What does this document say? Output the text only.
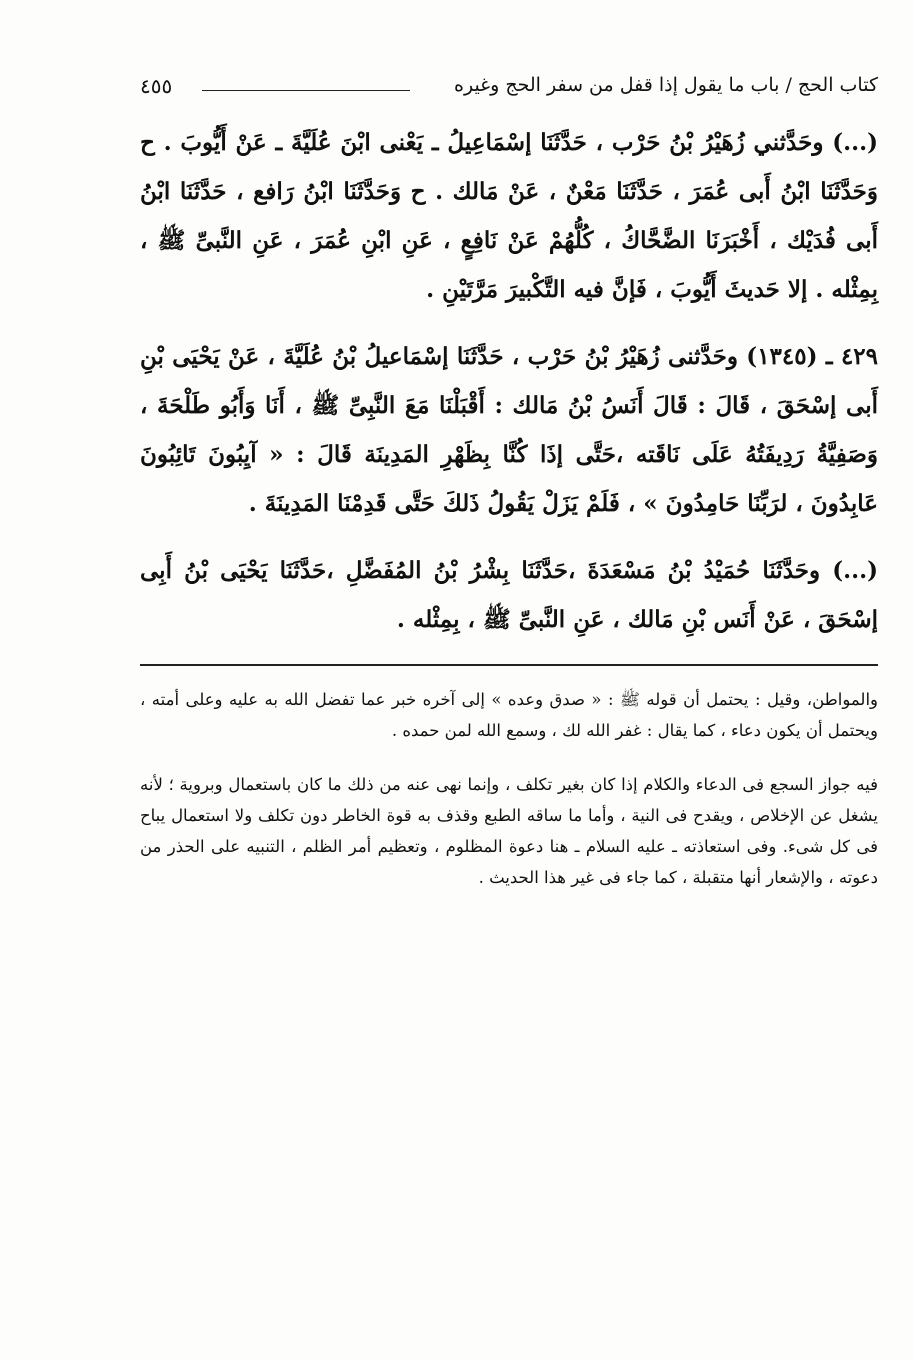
كتاب الحج / باب ما يقول إذا قفل من سفر الحج وغيره
٤٥٥

(...) وحَدَّثني زُهَيْرُ بْنُ حَرْب ، حَدَّثَنَا إسْمَاعِيلُ ـ يَعْنى ابْنَ عُلَيَّةَ ـ عَنْ أَيُّوبَ . ح وَحَدَّثَنَا ابْنُ أَبى عُمَرَ ، حَدَّثَنَا مَعْنٌ ، عَنْ مَالك . ح وَحَدَّثَنَا ابْنُ رَافع ، حَدَّثَنَا ابْنُ أَبى فُدَيْك ، أَخْبَرَنَا الضَّحَّاكُ ، كُلُّهُمْ عَنْ نَافِعٍ ، عَنِ ابْنِ عُمَرَ ، عَنِ النَّبىِّ ﷺ ، بِمِثْله . إلا حَديثَ أَيُّوبَ ، فَإنَّ فيه التَّكْبيرَ مَرَّتَيْنِ .

٤٢٩ ـ (١٣٤٥) وحَدَّثنى زُهَيْرُ بْنُ حَرْب ، حَدَّثَنَا إسْمَاعيلُ بْنُ عُلَيَّةَ ، عَنْ يَحْيَى بْنِ أَبى إسْحَقَ ، قَالَ : قَالَ أَنَسُ بْنُ مَالك : أَقْبَلْنَا مَعَ النَّبِىِّ ﷺ ، أَنَا وَأَبُو طَلْحَةَ ، وَصَفِيَّةُ رَدِيفَتُهُ عَلَى نَاقَته ،حَتَّى إذَا كُنَّا بِظَهْرِ المَدِينَة قَالَ : « آيِبُونَ تَائِبُونَ عَابِدُونَ ، لرَبِّنَا حَامِدُونَ » ، فَلَمْ يَزَلْ يَقُولُ ذَلكَ حَتَّى قَدِمْنَا المَدِينَةَ .

(...) وحَدَّثَنَا حُمَيْدُ بْنُ مَسْعَدَةَ ،حَدَّثَنَا بِشْرُ بْنُ المُفَضَّلِ ،حَدَّثَنَا يَحْيَى بْنُ أَبِى إسْحَقَ ، عَنْ أَنَس بْنِ مَالك ، عَنِ النَّبىِّ ﷺ ، بِمِثْله .

والمواطن، وقيل : يحتمل أن قوله ﷺ : « صدق وعده » إلى آخره خبر عما تفضل الله به عليه وعلى أمته ، ويحتمل أن يكون دعاء ، كما يقال : غفر الله لك ، وسمع الله لمن حمده .

فيه جواز السجع فى الدعاء والكلام إذا كان بغير تكلف ، وإنما نهى عنه من ذلك ما كان باستعمال وبروية ؛ لأنه يشغل عن الإخلاص ، ويقدح فى النية ، وأما ما ساقه الطبع وقذف به قوة الخاطر دون تكلف ولا استعمال يباح فى كل شىء. وفى استعاذته ـ عليه السلام ـ هنا دعوة المظلوم ، وتعظيم أمر الظلم ، التنبيه على الحذر من دعوته ، والإشعار أنها متقبلة ، كما جاء فى غير هذا الحديث .
